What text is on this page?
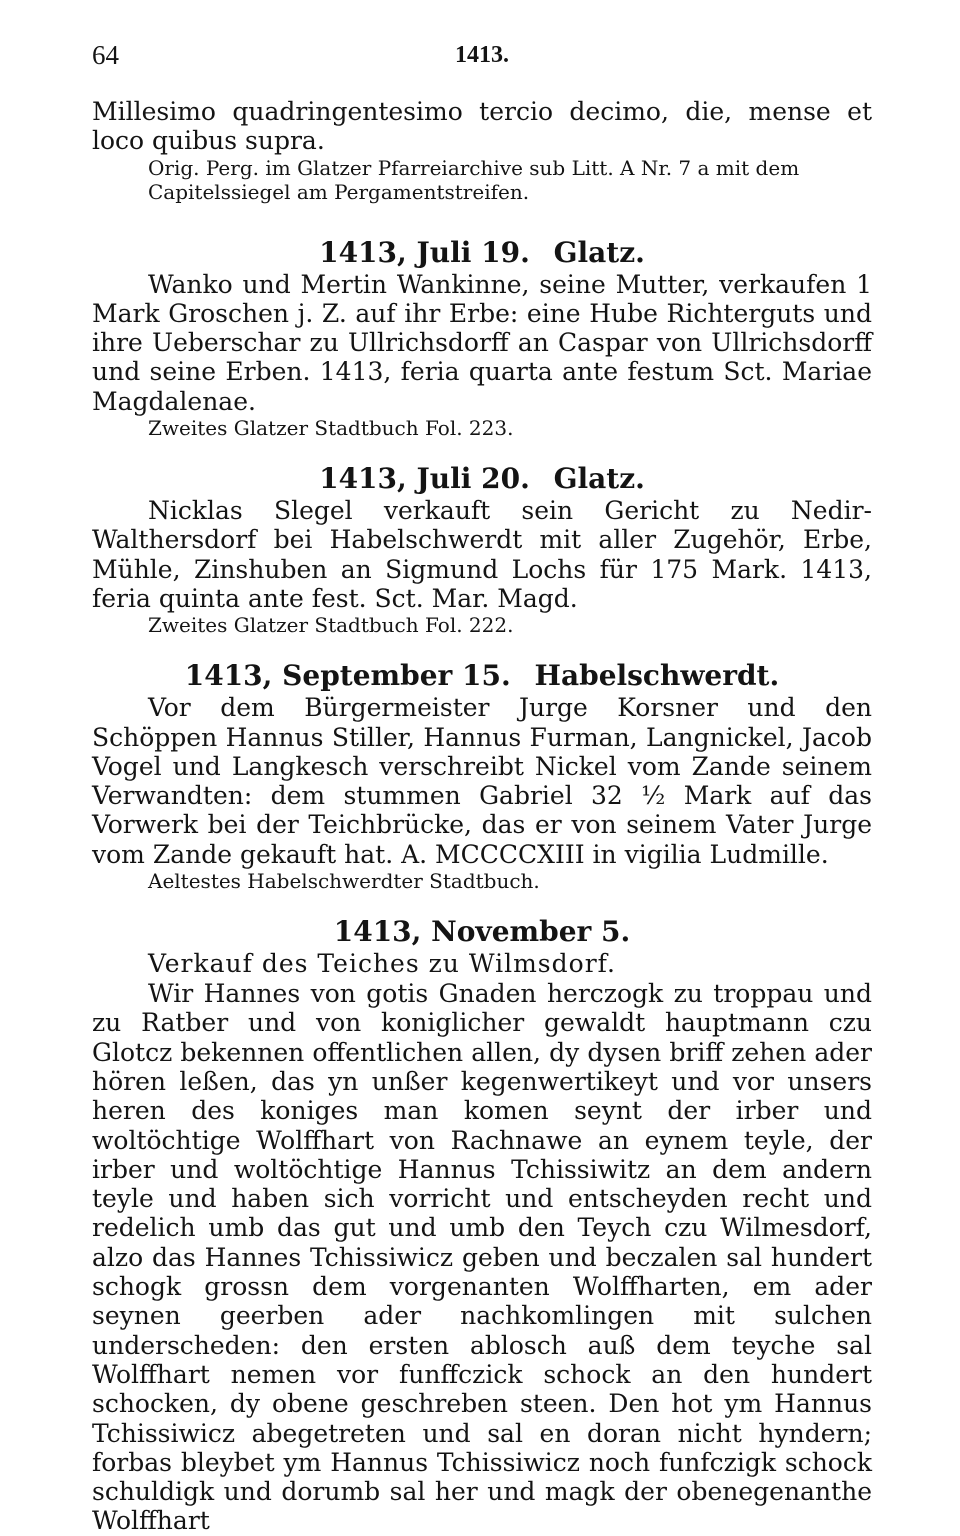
64	1413.

Millesimo quadringentesimo tercio decimo, die, mense et loco quibus supra.

Orig. Perg. im Glatzer Pfarreiarchive sub Litt. A Nr. 7 a mit dem Capitelssiegel am Pergamentstreifen.

1413, Juli 19. Glatz.

Wanko und Mertin Wankinne, seine Mutter, verkaufen 1 Mark Groschen j. Z. auf ihr Erbe: eine Hube Richterguts und ihre Ueberschar zu Ullrichsdorff an Caspar von Ullrichsdorff und seine Erben. 1413, feria quarta ante festum Sct. Mariae Magdalenae.

Zweites Glatzer Stadtbuch Fol. 223.

1413, Juli 20. Glatz.

Nicklas Slegel verkauft sein Gericht zu Nedir-Walthersdorf bei Habelschwerdt mit aller Zugehör, Erbe, Mühle, Zinshuben an Sigmund Lochs für 175 Mark. 1413, feria quinta ante fest. Sct. Mar. Magd.

Zweites Glatzer Stadtbuch Fol. 222.

1413, September 15. Habelschwerdt.

Vor dem Bürgermeister Jurge Korsner und den Schöppen Hannus Stiller, Hannus Furman, Langnickel, Jacob Vogel und Langkesch verschreibt Nickel vom Zande seinem Verwandten: dem stummen Gabriel 32 ½ Mark auf das Vorwerk bei der Teichbrücke, das er von seinem Vater Jurge vom Zande gekauft hat. A. MCCCCXIII in vigilia Ludmille.

Aeltestes Habelschwerdter Stadtbuch.

1413, November 5.

Verkauf des Teiches zu Wilmsdorf.

Wir Hannes von gotis Gnaden herczogk zu troppau und zu Ratber und von koniglicher gewaldt hauptmann czu Glotcz bekennen offentlichen allen, dy dysen briff zehen ader hören leßen, das yn unßer kegenwertikeyt und vor unsers heren des koniges man komen seynt der irber und woltöchtige Wolffhart von Rachnawe an eynem teyle, der irber und woltöchtige Hannus Tchissiwitz an dem andern teyle und haben sich vorricht und entscheyden recht und redelich umb das gut und umb den Teych czu Wilmesdorf, alzo das Hannes Tchissiwicz geben und beczalen sal hundert schogk grossn dem vorgenanten Wolffharten, em ader seynen geerben ader nachkomlingen mit sulchen underscheden: den ersten ablosch auß dem teyche sal Wolffhart nemen vor funffczick schock an den hundert schocken, dy obene geschreben steen. Den hot ym Hannus Tchissiwicz abegetreten und sal en doran nicht hyndern; forbas bleybet ym Hannus Tchissiwicz noch funfczigk schock schuldigk und dorumb sal her und magk der obenegenanthe Wolffhart
